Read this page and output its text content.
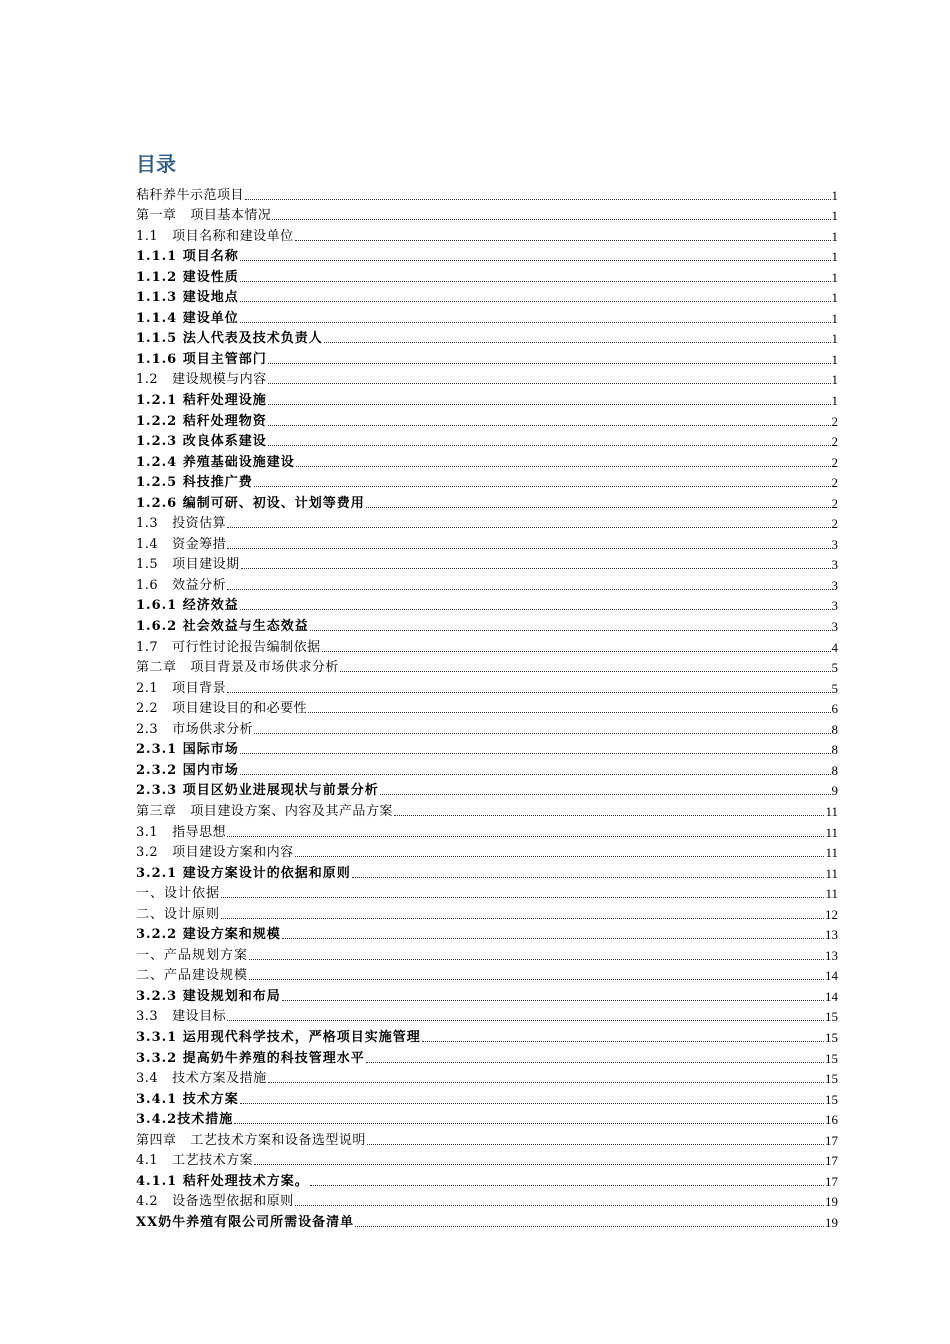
目录
秸秆养牛示范项目	1
第一章   项目基本情况	1
1.1   项目名称和建设单位	1
1.1.1 项目名称	1
1.1.2 建设性质	1
1.1.3 建设地点	1
1.1.4 建设单位	1
1.1.5 法人代表及技术负责人	1
1.1.6 项目主管部门	1
1.2   建设规模与内容	1
1.2.1 秸秆处理设施	1
1.2.2 秸秆处理物资	2
1.2.3 改良体系建设	2
1.2.4 养殖基础设施建设	2
1.2.5 科技推广费	2
1.2.6 编制可研、初设、计划等费用	2
1.3   投资估算	2
1.4   资金筹措	3
1.5   项目建设期	3
1.6   效益分析	3
1.6.1 经济效益	3
1.6.2 社会效益与生态效益	3
1.7   可行性讨论报告编制依据	4
第二章   项目背景及市场供求分析	5
2.1   项目背景	5
2.2   项目建设目的和必要性	6
2.3   市场供求分析	8
2.3.1 国际市场	8
2.3.2 国内市场	8
2.3.3 项目区奶业进展现状与前景分析	9
第三章   项目建设方案、内容及其产品方案	11
3.1   指导思想	11
3.2   项目建设方案和内容	11
3.2.1 建设方案设计的依据和原则	11
一、设计依据	11
二、设计原则	12
3.2.2 建设方案和规模	13
一、产品规划方案	13
二、产品建设规模	14
3.2.3 建设规划和布局	14
3.3   建设目标	15
3.3.1 运用现代科学技术，严格项目实施管理	15
3.3.2 提高奶牛养殖的科技管理水平	15
3.4   技术方案及措施	15
3.4.1 技术方案	15
3.4.2技术措施	16
第四章   工艺技术方案和设备选型说明	17
4.1   工艺技术方案	17
4.1.1 秸秆处理技术方案。	17
4.2   设备选型依据和原则	19
XX奶牛养殖有限公司所需设备清单	19
